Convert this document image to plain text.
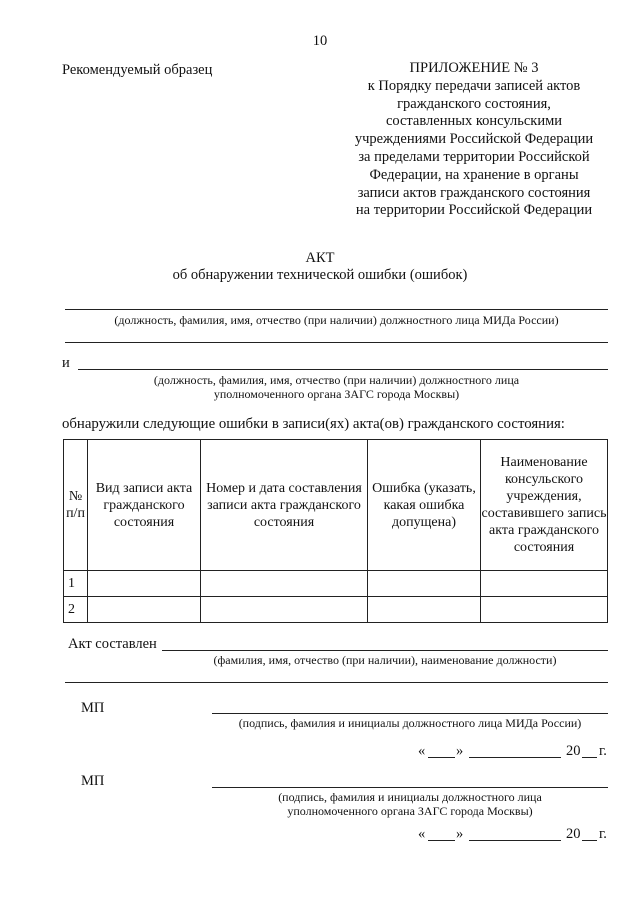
10
Рекомендуемый образец	ПРИЛОЖЕНИЕ № 3
к Порядку передачи записей актов
гражданского состояния,
составленных консульскими
учреждениями Российской Федерации
за пределами территории Российской
Федерации, на хранение в органы
записи актов гражданского состояния
на территории Российской Федерации
АКТ
об обнаружении технической ошибки (ошибок)
(должность, фамилия, имя, отчество (при наличии) должностного лица МИДа России)
и
(должность, фамилия, имя, отчество (при наличии) должностного лица
уполномоченного органа ЗАГС города Москвы)
обнаружили следующие ошибки в записи(ях) акта(ов) гражданского состояния:
№ п/п	Вид записи акта гражданского состояния	Номер и дата составления записи акта гражданского состояния	Ошибка (указать, какая ошибка допущена)	Наименование консульского учреждения, составившего запись акта гражданского состояния
1				
2				
Акт составлен
(фамилия, имя, отчество (при наличии), наименование должности)
МП
(подпись, фамилия и инициалы должностного лица МИДа России)
« »	20 г.
МП
(подпись, фамилия и инициалы должностного лица
уполномоченного органа ЗАГС города Москвы)
« »	20 г.
